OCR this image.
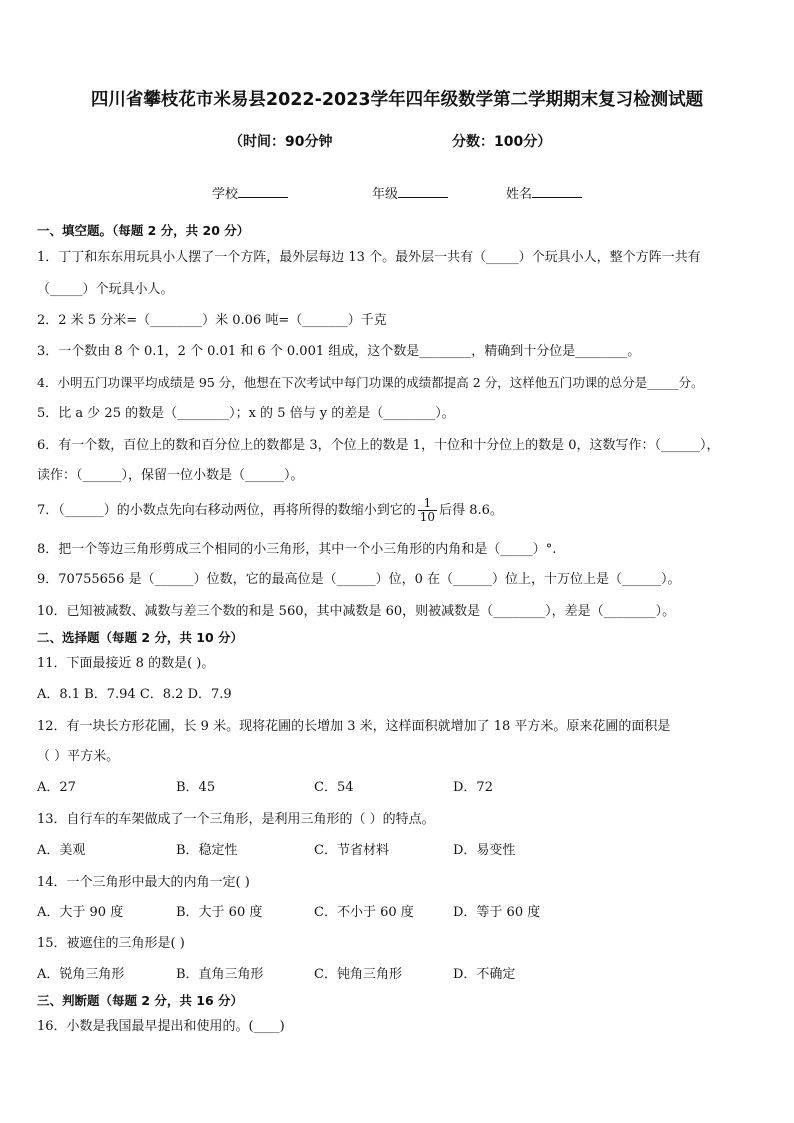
四川省攀枝花市米易县2022-2023学年四年级数学第二学期期末复习检测试题
（时间：90分钟	分数：100分）
学校	年级	姓名
一、填空题。（每题 2 分，共 20 分）
1．丁丁和东东用玩具小人摆了一个方阵，最外层每边 13 个。最外层一共有（_____）个玩具小人，整个方阵一共有
（_____）个玩具小人。
2．2 米 5 分米=（________）米 0.06 吨=（_______）千克
3．一个数由 8 个 0.1，2 个 0.01 和 6 个 0.001 组成，这个数是________，精确到十分位是________。
4．小明五门功课平均成绩是 95 分，他想在下次考试中每门功课的成绩都提高 2 分，这样他五门功课的总分是_____分。
5．比 a 少 25 的数是（________）；x 的 5 倍与 y 的差是（________）。
6．有一个数，百位上的数和百分位上的数都是 3，个位上的数是 1，十位和十分位上的数是 0，这数写作：（______），
读作：（______），保留一位小数是（______）。
7．（______）的小数点先向右移动两位，再将所得的数缩小到它的 $\frac{1}{10}$ 后得 8.6。
8．把一个等边三角形剪成三个相同的小三角形，其中一个小三角形的内角和是（_____）°.
9．70755656 是（______）位数，它的最高位是（______）位，0 在（______）位上，十万位上是（______）。
10．已知被减数、减数与差三个数的和是 560，其中减数是 60，则被减数是（________），差是（________）。
二、选择题（每题 2 分，共 10 分）
11．下面最接近 8 的数是( )。
A．8.1 B．7.94 C．8.2 D．7.9
12．有一块长方形花圃，长 9 米。现将花圃的长增加 3 米，这样面积就增加了 18 平方米。原来花圃的面积是
（ ）平方米。
A．27	B．45	C．54	D．72
13．自行车的车架做成了一个三角形，是利用三角形的（ ）的特点。
A．美观	B．稳定性	C．节省材料	D．易变性
14．一个三角形中最大的内角一定( )
A．大于 90 度	B．大于 60 度	C．不小于 60 度	D．等于 60 度
15．被遮住的三角形是( )
A．锐角三角形	B．直角三角形	C．钝角三角形	D．不确定
三、判断题（每题 2 分，共 16 分）
16．小数是我国最早提出和使用的。(____)
